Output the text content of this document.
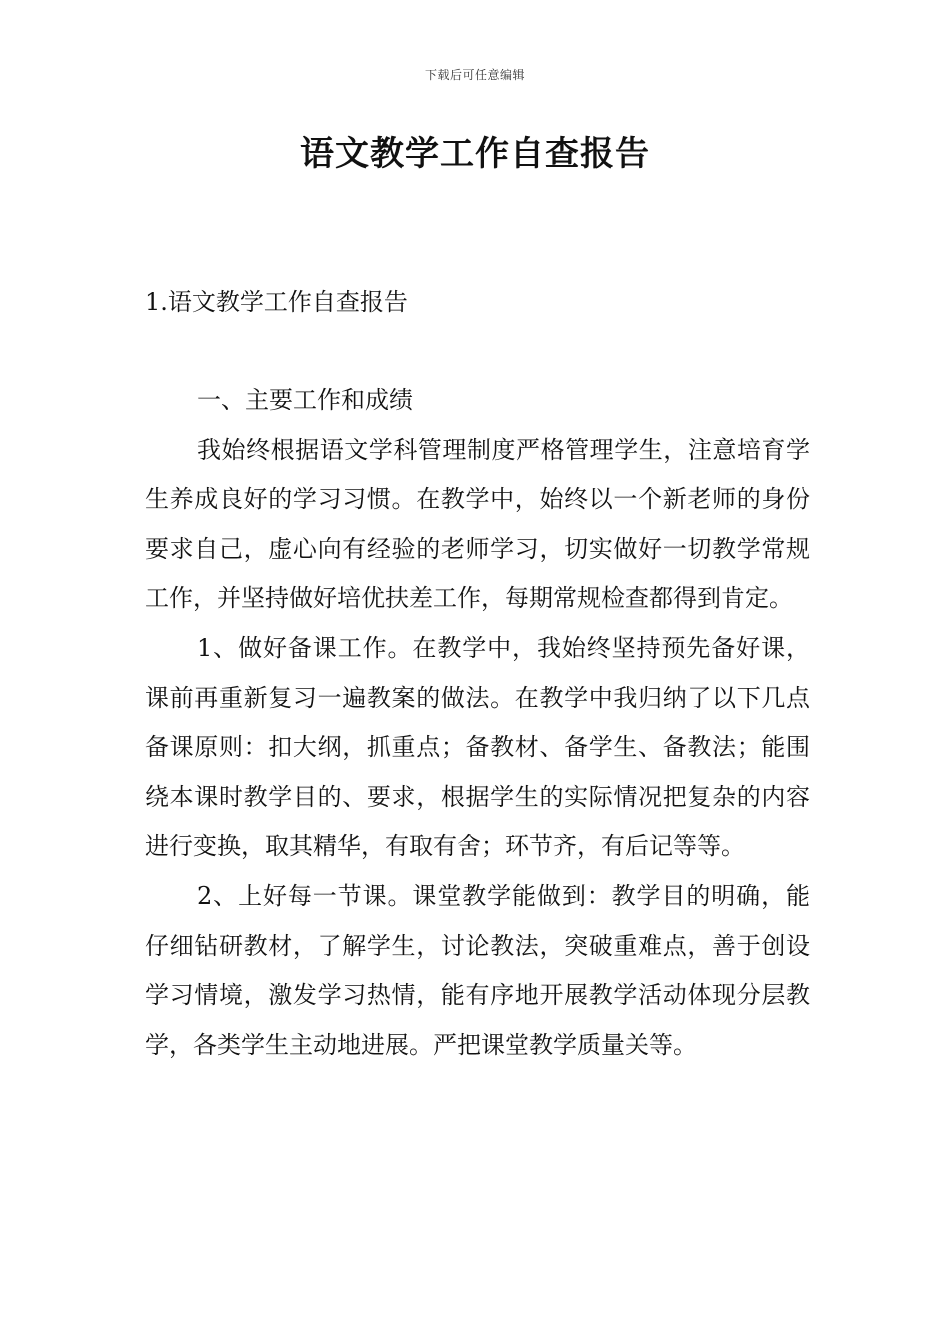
下载后可任意编辑
语文教学工作自查报告
1.语文教学工作自查报告

一、主要工作和成绩

我始终根据语文学科管理制度严格管理学生，注意培育学生养成良好的学习习惯。在教学中，始终以一个新老师的身份要求自己，虚心向有经验的老师学习，切实做好一切教学常规工作，并坚持做好培优扶差工作，每期常规检查都得到肯定。

1、做好备课工作。在教学中，我始终坚持预先备好课，课前再重新复习一遍教案的做法。在教学中我归纳了以下几点备课原则：扣大纲，抓重点；备教材、备学生、备教法；能围绕本课时教学目的、要求，根据学生的实际情况把复杂的内容进行变换，取其精华，有取有舍；环节齐，有后记等等。

2、上好每一节课。课堂教学能做到：教学目的明确，能仔细钻研教材，了解学生，讨论教法，突破重难点，善于创设学习情境，激发学习热情，能有序地开展教学活动体现分层教学，各类学生主动地进展。严把课堂教学质量关等。
